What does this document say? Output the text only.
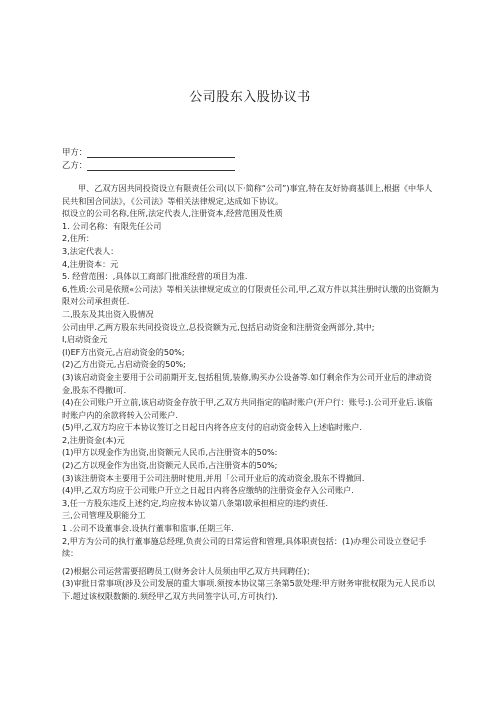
公司股东入股协议书
甲方：
乙方：

甲、乙双方因共同投资设立有限责任公司(以下·简称“公司”)事宜,特在友好协商基训上,根据《中华人民共和国合同法》，《公司法》等相关法律规定,达成如下协议。

拟设立的公司名称,住所,法定代表人,注册资本,经营范围及性质

1. 公司名称：有限先任公司

2,住所：

3,法定代表人：

4,注册资本：元

5. 经营范围：,具体以工商部门批准经营的项目为准.

6,性质:公司是依照«公司法》等相关法律规定成立的仃限责任公司,甲,乙双方件以其注册时认缴的出资额为限对公司承担责任.

二,股东及其出资入股情况

公司由甲.乙两方股东共同投资设立,总投资额为元,包括启动资金和注册资金两部分,其中;

I,启动资金元

(l)EF方出资元,占启动资金的50%;

(2)乙方出资元,占启动资金的50%;

(3)该启动资金主要用于公司前期开支,包括租赁,装修,购买办公设备等.如仃剩余作为公司开业后的津动资金,股东不得撤I可.

(4)在公司账户开立前,该启动资金存放于甲,乙双方共同指定的临时账户(开户行：账号:).公司开业后.该临时账户内的余款将转入公司账户.

(5)甲,乙双方均应于本协议签订之日起日内将各应支付的启动资金转入上述临时账户.

2,注册资金(本)元

(1)甲方以现金作为出资,出资额元人民币,占注册资本的50%:

(2)乙方以现金作为出资,出资额元人民币,占注册资本的50%;

(3)该注册资本主要用于公司注册时使用,并用「公司开业后的流动资金,股东不得撤回.

(4)甲,乙双方均应于公司账户开立之日起日内将各应缴纳的注册资金存入公司账户.

3,任一方股东违反上述约定,均应按本协议第八条第l款承担相应的违约责任.

三,公司管理及职能分工

1 .公司不设董事会.设执行董事和监事,任期三年.

2,甲方为公司的执行董事施总经理,负责公司的日常运营和管理,具体职责包括：(1)办理公司设立登记手续：

(2)根据公司运营需要招聘员工(财务会计人员须由甲乙双方共同聘任)；

(3)审批日常事项(涉及公司发展的重大事项.须按本协议第三条第5款处理:甲方财务审批权限为元人民币以下.超过该权限数额的.须经甲乙双方共同签字认可,方可执行).
